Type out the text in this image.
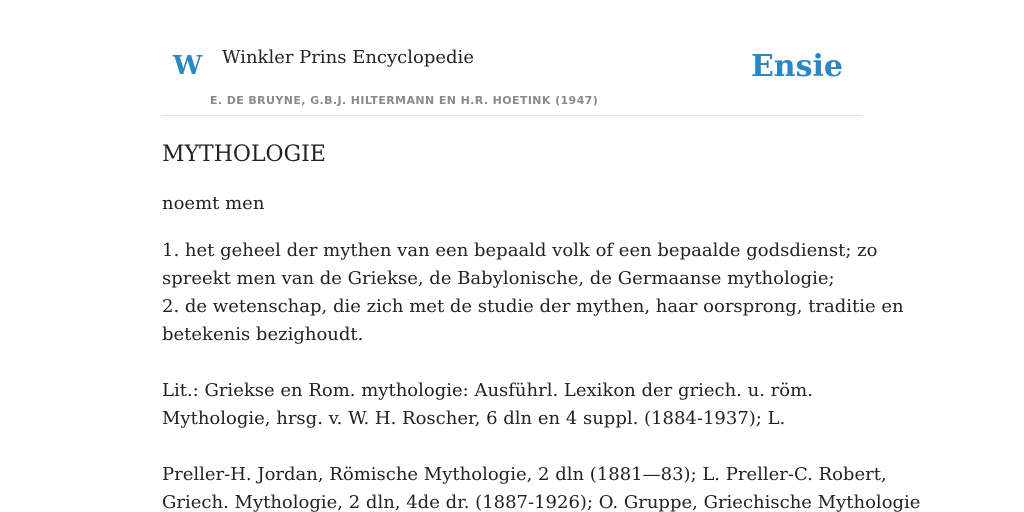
W Winkler Prins Encyclopedie
E. DE BRUYNE, G.B.J. HILTERMANN EN H.R. HOETINK (1947)
Ensie
MYTHOLOGIE

noemt men

1. het geheel der mythen van een bepaald volk of een bepaalde godsdienst; zo
spreekt men van de Griekse, de Babylonische, de Germaanse mythologie;
2. de wetenschap, die zich met de studie der mythen, haar oorsprong, traditie en
betekenis bezighoudt.

Lit.: Griekse en Rom. mythologie: Ausführl. Lexikon der griech. u. röm.
Mythologie, hrsg. v. W. H. Roscher, 6 dln en 4 suppl. (1884-1937); L.

Preller-H. Jordan, Römische Mythologie, 2 dln (1881—83); L. Preller-C. Robert,
Griech. Mythologie, 2 dln, 4de dr. (1887-1926); O. Gruppe, Griechische Mythologie
